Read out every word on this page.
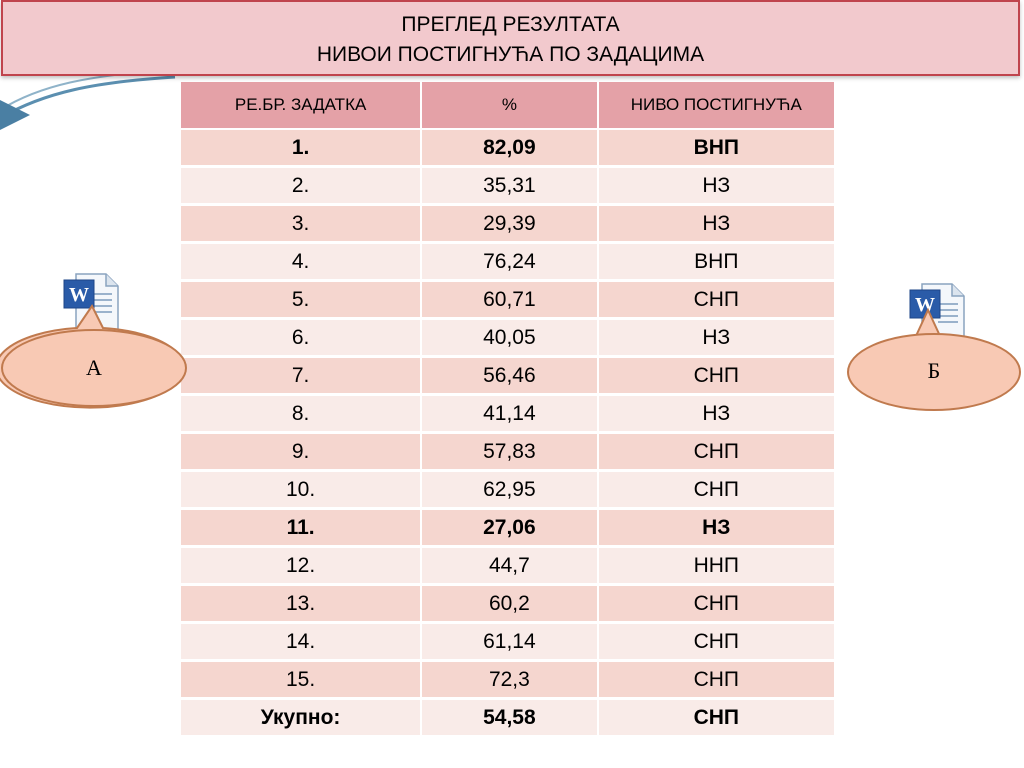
ПРЕГЛЕД РЕЗУЛТАТА
НИВОИ ПОСТИГНУЋА ПО ЗАДАЦИМА
РЕ.БР. ЗАДАТКА	%	НИВО ПОСТИГНУЋА
1.	82,09	ВНП
2.	35,31	НЗ
3.	29,39	НЗ
4.	76,24	ВНП
5.	60,71	СНП
6.	40,05	НЗ
7.	56,46	СНП
8.	41,14	НЗ
9.	57,83	СНП
10.	62,95	СНП
11.	27,06	НЗ
12.	44,7	ННП
13.	60,2	СНП
14.	61,14	СНП
15.	72,3	СНП
Укупно:	54,58	СНП
W
А
W
Б
